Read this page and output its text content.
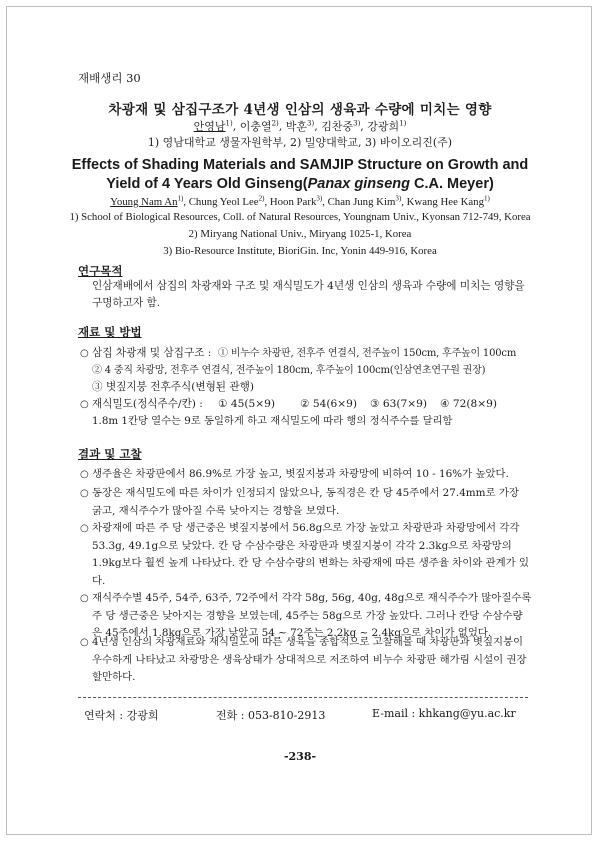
재배생리 30
차광재 및 삼집구조가 4년생 인삼의 생육과 수량에 미치는 영향
안영남$^{1)}$, 이충열$^{2)}$, 박훈$^{3)}$, 김찬중$^{3)}$, 강광희$^{1)}$
1) 영남대학교 생물자원학부, 2) 밀양대학교, 3) 바이오리진(주)
Effects of Shading Materials and SAMJIP Structure on Growth and
Yield of 4 Years Old Ginseng(Panax ginseng C.A. Meyer)
Young Nam An$^{1)}$, Chung Yeol Lee$^{2)}$, Hoon Park$^{3)}$, Chan Jung Kim$^{3)}$, Kwang Hee Kang$^{1)}$
1) School of Biological Resources, Coll. of Natural Resources, Youngnam Univ., Kyonsan 712-749, Korea
2) Miryang National Univ., Miryang 1025-1, Korea
3) Bio-Resource Institute, BioriGin. Inc, Yonin 449-916, Korea
연구목적
인삼재배에서 삼집의 차광재와 구조 및 재식밀도가 4년생 인삼의 생육과 수량에 미치는 영향을 구명하고자 함.
재료 및 방법
○ 삼집 차광재 및 삼집구조 : ① 비누수 차광판, 전후주 연결식, 전주높이 150cm, 후주높이 100cm
② 4 중직 차광망, 전후주 연결식, 전주높이 180cm, 후주높이 100cm(인삼연초연구원 권장)
③ 볏짚지붕 전후주식(변형된 관행)
○ 재식밀도(정식주수/칸) : ① 45(5×9) ② 54(6×9) ③ 63(7×9) ④ 72(8×9)
1.8m 1칸당 열수는 9로 동일하게 하고 재식밀도에 따라 행의 정식주수를 달리함
결과 및 고찰
○ 생주율은 차광판에서 86.9%로 가장 높고, 볏짚지붕과 차광망에 비하여 10 - 16%가 높았다.
○ 동장은 재식밀도에 따른 차이가 인정되지 않았으나, 동직경은 칸 당 45주에서 27.4mm로 가장 굵고, 재식주수가 많아질 수록 낮아지는 경향을 보였다.
○ 차광재에 따른 주 당 생근중은 볏짚지붕에서 56.8g으로 가장 높았고 차광판과 차광망에서 각각 53.3g, 49.1g으로 낮았다. 칸 당 수삼수량은 차광판과 볏짚지붕이 각각 2.3kg으로 차광망의 1.9kg보다 훨씬 높게 나타났다. 칸 당 수삼수량의 변화는 차광재에 따른 생주율 차이와 관계가 있다.
○ 재식주수별 45주, 54주, 63주, 72주에서 각각 58g, 56g, 40g, 48g으로 재식주수가 많아질수록 주 당 생근중은 낮아지는 경향을 보였는데, 45주는 58g으로 가장 높았다. 그러나 칸당 수삼수량은 45주에서 1.8kg으로 가장 낮았고 54 ~ 72주는 2.2kg ~ 2.4kg으로 차이가 없었다.
○ 4년생 인삼의 차광재료와 재식밀도에 따른 생육을 종합적으로 고찰해볼 때 차광판과 볏짚지붕이 우수하게 나타났고 차광망은 생육상태가 상대적으로 저조하여 비누수 차광판 해가림 시설이 권장할만하다.
연락처 : 강광희	전화 : 053-810-2913	E-mail : khkang@yu.ac.kr
-238-
